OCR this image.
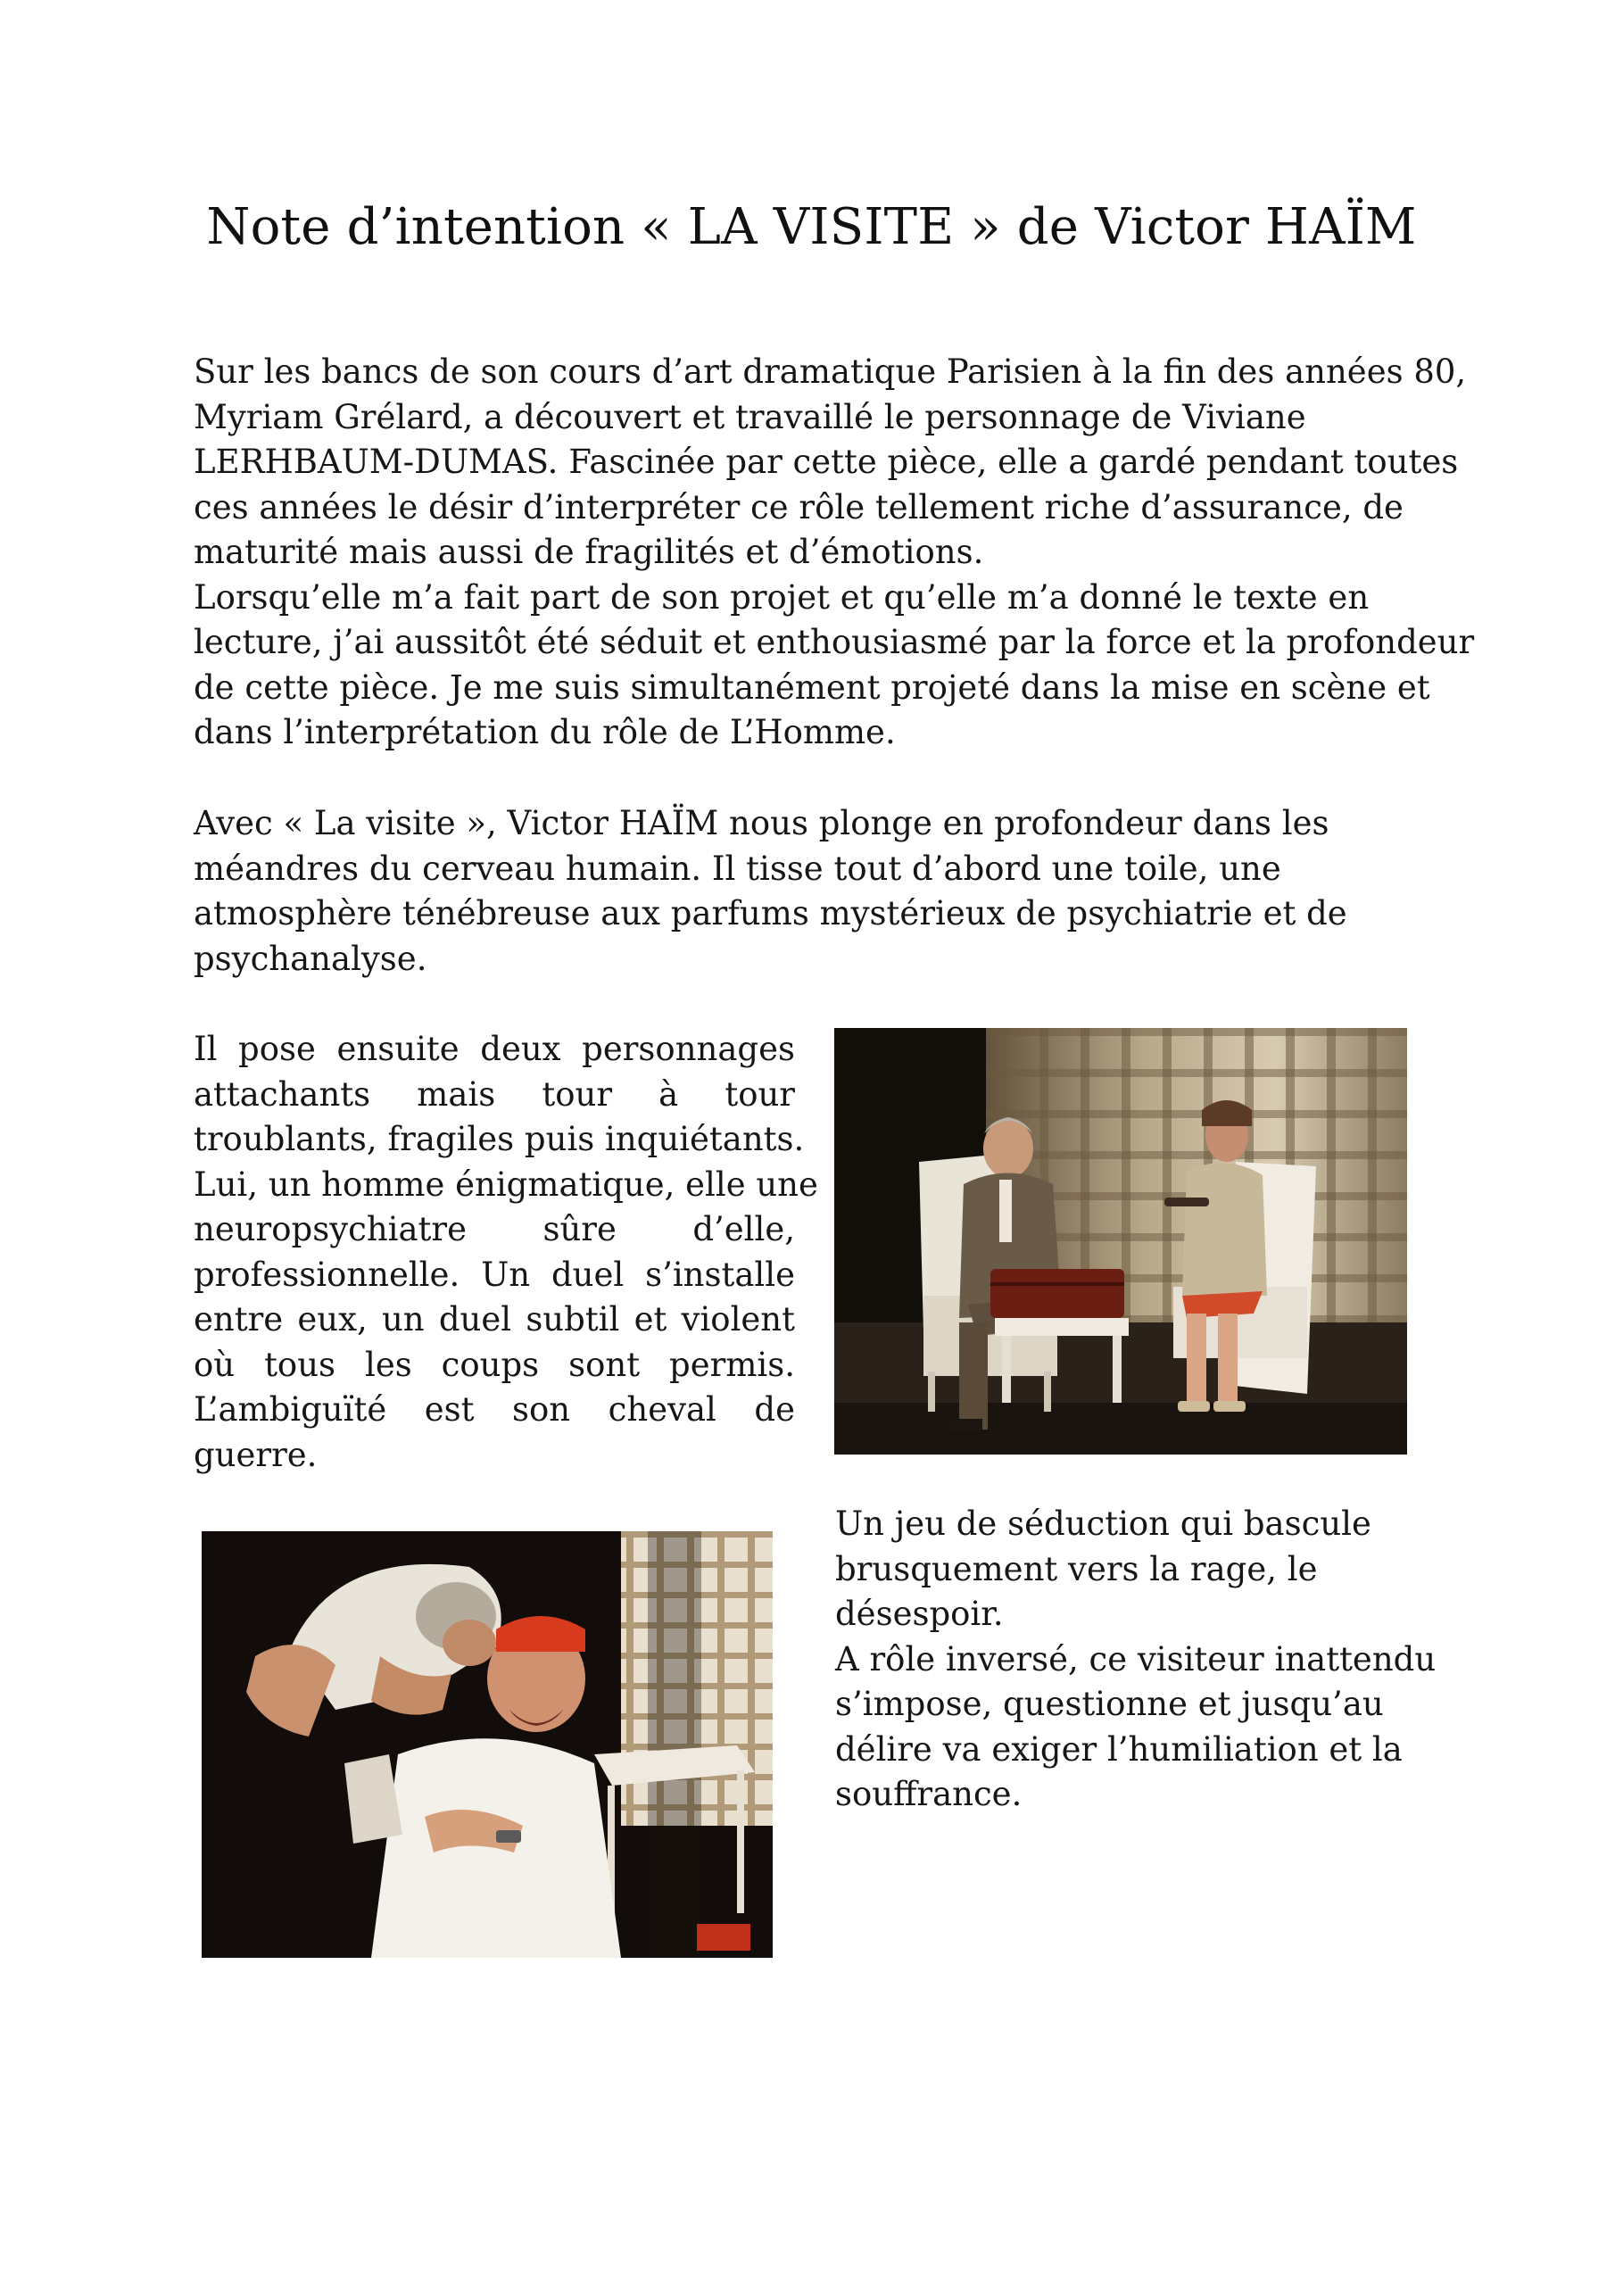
Note d’intention « LA VISITE » de Victor HAÏM
Sur les bancs de son cours d’art dramatique Parisien à la fin des années 80,
Myriam Grélard, a découvert et travaillé le personnage de Viviane
LERHBAUM-DUMAS. Fascinée par cette pièce, elle a gardé pendant toutes
ces années le désir d’interpréter ce rôle tellement riche d’assurance, de
maturité mais aussi de fragilités et d’émotions.
Lorsqu’elle m’a fait part de son projet et qu’elle m’a donné le texte en
lecture, j’ai aussitôt été séduit et enthousiasmé par la force et la profondeur
de cette pièce. Je me suis simultanément projeté dans la mise en scène et
dans l’interprétation du rôle de L’Homme.
Avec « La visite », Victor HAÏM nous plonge en profondeur dans les
méandres du cerveau humain. Il tisse tout d’abord une toile, une
atmosphère ténébreuse aux parfums mystérieux de psychiatrie et de
psychanalyse.
Il pose ensuite deux personnages
attachants mais tour à tour
troublants, fragiles puis inquiétants.
Lui, un homme énigmatique, elle une
neuropsychiatre sûre d’elle,
professionnelle. Un duel s’installe
entre eux, un duel subtil et violent
où tous les coups sont permis.
L’ambiguïté est son cheval de
guerre.
Un jeu de séduction qui bascule
brusquement vers la rage, le
désespoir.
A rôle inversé, ce visiteur inattendu
s’impose, questionne et jusqu’au
délire va exiger l’humiliation et la
souffrance.
